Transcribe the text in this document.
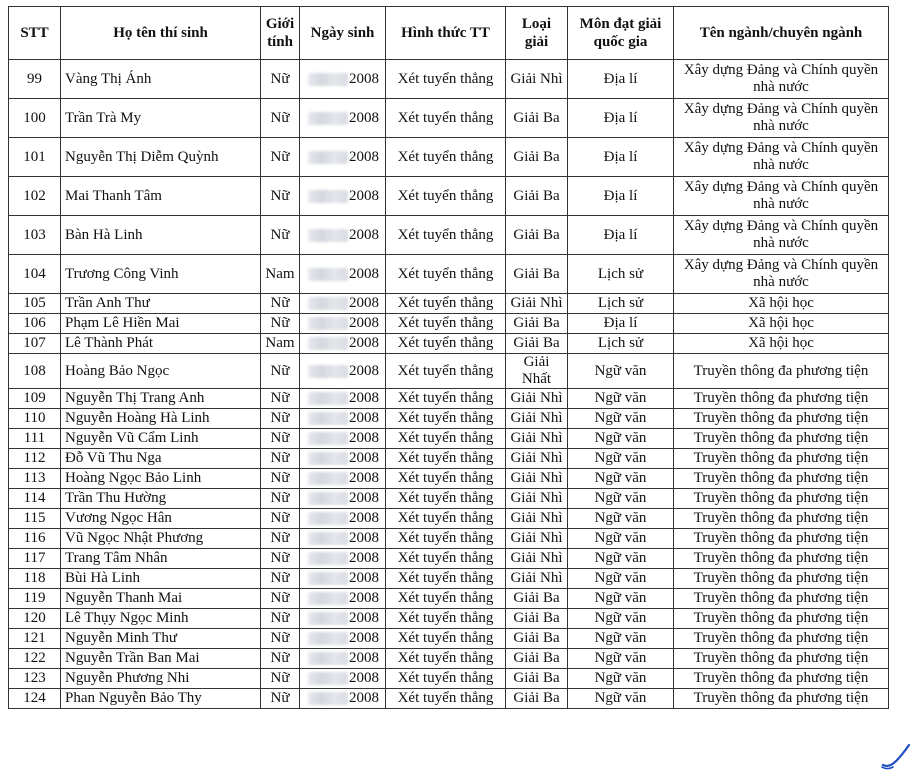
STT	Họ tên thí sinh	Giới tính	Ngày sinh	Hình thức TT	Loại giải	Môn đạt giải quốc gia	Tên ngành/chuyên ngành
99	Vàng Thị Ánh	Nữ	2008	Xét tuyển thẳng	Giải Nhì	Địa lí	Xây dựng Đảng và Chính quyền nhà nước
100	Trần Trà My	Nữ	2008	Xét tuyển thẳng	Giải Ba	Địa lí	Xây dựng Đảng và Chính quyền nhà nước
101	Nguyễn Thị Diễm Quỳnh	Nữ	2008	Xét tuyển thẳng	Giải Ba	Địa lí	Xây dựng Đảng và Chính quyền nhà nước
102	Mai Thanh Tâm	Nữ	2008	Xét tuyển thẳng	Giải Ba	Địa lí	Xây dựng Đảng và Chính quyền nhà nước
103	Bàn Hà Linh	Nữ	2008	Xét tuyển thẳng	Giải Ba	Địa lí	Xây dựng Đảng và Chính quyền nhà nước
104	Trương Công Vinh	Nam	2008	Xét tuyển thẳng	Giải Ba	Lịch sử	Xây dựng Đảng và Chính quyền nhà nước
105	Trần Anh Thư	Nữ	2008	Xét tuyển thẳng	Giải Nhì	Lịch sử	Xã hội học
106	Phạm Lê Hiền Mai	Nữ	2008	Xét tuyển thẳng	Giải Ba	Địa lí	Xã hội học
107	Lê Thành Phát	Nam	2008	Xét tuyển thẳng	Giải Ba	Lịch sử	Xã hội học
108	Hoàng Bảo Ngọc	Nữ	2008	Xét tuyển thẳng	Giải Nhất	Ngữ văn	Truyền thông đa phương tiện
109	Nguyễn Thị Trang Anh	Nữ	2008	Xét tuyển thẳng	Giải Nhì	Ngữ văn	Truyền thông đa phương tiện
110	Nguyễn Hoàng Hà Linh	Nữ	2008	Xét tuyển thẳng	Giải Nhì	Ngữ văn	Truyền thông đa phương tiện
111	Nguyễn Vũ Cẩm Linh	Nữ	2008	Xét tuyển thẳng	Giải Nhì	Ngữ văn	Truyền thông đa phương tiện
112	Đỗ Vũ Thu Nga	Nữ	2008	Xét tuyển thẳng	Giải Nhì	Ngữ văn	Truyền thông đa phương tiện
113	Hoàng Ngọc Bảo Linh	Nữ	2008	Xét tuyển thẳng	Giải Nhì	Ngữ văn	Truyền thông đa phương tiện
114	Trần Thu Hường	Nữ	2008	Xét tuyển thẳng	Giải Nhì	Ngữ văn	Truyền thông đa phương tiện
115	Vương Ngọc Hân	Nữ	2008	Xét tuyển thẳng	Giải Nhì	Ngữ văn	Truyền thông đa phương tiện
116	Vũ Ngọc Nhật Phương	Nữ	2008	Xét tuyển thẳng	Giải Nhì	Ngữ văn	Truyền thông đa phương tiện
117	Trang Tâm Nhân	Nữ	2008	Xét tuyển thẳng	Giải Nhì	Ngữ văn	Truyền thông đa phương tiện
118	Bùi Hà Linh	Nữ	2008	Xét tuyển thẳng	Giải Nhì	Ngữ văn	Truyền thông đa phương tiện
119	Nguyễn Thanh Mai	Nữ	2008	Xét tuyển thẳng	Giải Ba	Ngữ văn	Truyền thông đa phương tiện
120	Lê Thụy Ngọc Minh	Nữ	2008	Xét tuyển thẳng	Giải Ba	Ngữ văn	Truyền thông đa phương tiện
121	Nguyễn Minh Thư	Nữ	2008	Xét tuyển thẳng	Giải Ba	Ngữ văn	Truyền thông đa phương tiện
122	Nguyễn Trần Ban Mai	Nữ	2008	Xét tuyển thẳng	Giải Ba	Ngữ văn	Truyền thông đa phương tiện
123	Nguyễn Phương Nhi	Nữ	2008	Xét tuyển thẳng	Giải Ba	Ngữ văn	Truyền thông đa phương tiện
124	Phan Nguyễn Bảo Thy	Nữ	2008	Xét tuyển thẳng	Giải Ba	Ngữ văn	Truyền thông đa phương tiện
